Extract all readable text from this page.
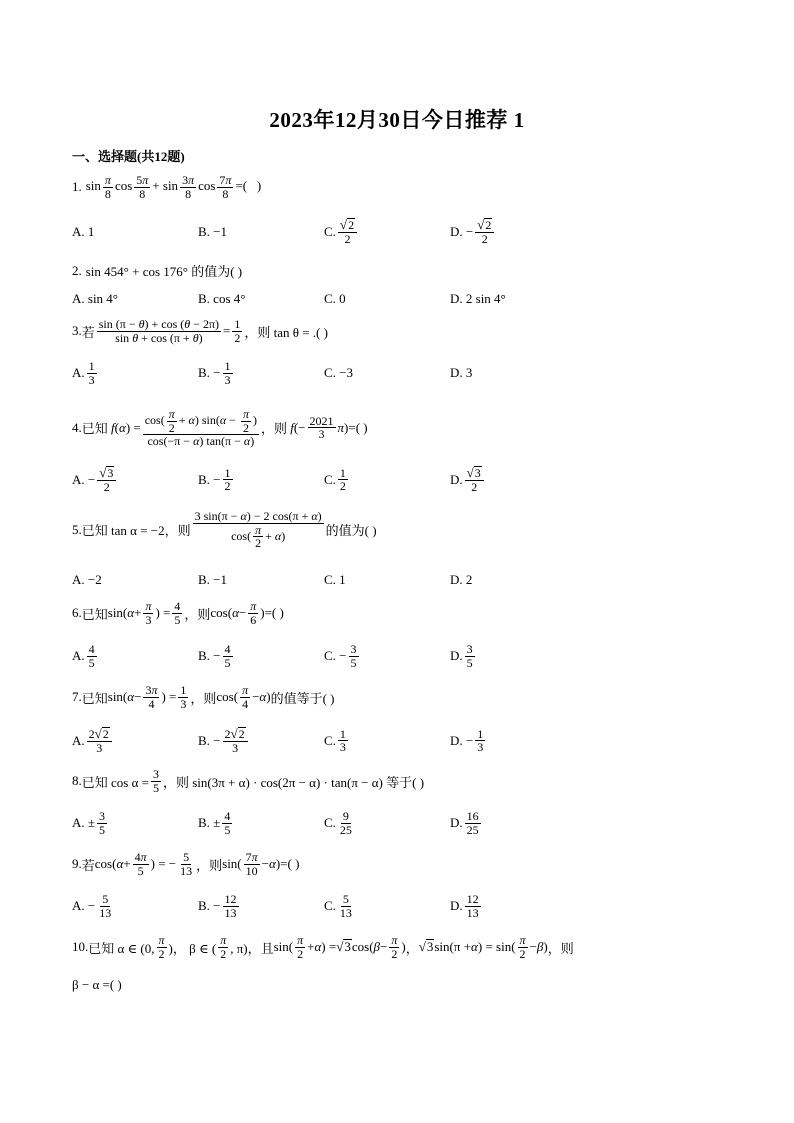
2023年12月30日今日推荐 1
一、选择题(共12题)
1. $\sin \frac{\pi}{8}$ $\cos \frac{5\pi}{8} + \sin \frac{3\pi}{8}$ $\cos \frac{7\pi}{8}$ =(   )
A. 1	B. −1	C. $\frac{√ 2}{2}$	D. − $\frac{√ 2}{2}$
2. sin 454° + cos 176° 的值为( )
A. sin 4°	B. cos 4°	C. 0	D. 2 sin 4°
3. 若 $\frac{\sin (\pi - \theta) + \cos (\theta - 2\pi)}{\text{sin θ + cos (π + θ)}} = \frac{1}{2}$ ，则 tan θ = .( )
A. $\frac{1}{3}$	B. − $\frac{1}{3}$	C. −3	D. 3
4. 已知 f ( α ) = $\frac{\cos( \frac{\pi}{2} + \alpha) \sin(\alpha - \frac{\pi}{2} )}{\cos(-\pi - \alpha) \tan(\pi - \alpha)}$ ，则
f (− $\frac{2021}{3}$ π ) =( )
A. − $\frac{√ 3}{2}$	B. − $\frac{1}{2}$	C. $\frac{1}{2}$	D. $\frac{√ 3}{2}$
5. 已知 tan α = −2，则 $\frac{3 \sin(\pi - \alpha) - 2 \cos(\pi + \alpha)}{\cos( \frac{\pi}{2} + \alpha)}$ 的值为( )
A. −2	B. −1	C. 1	D. 2
6. 已知 sin( $\alpha + \frac{\pi}{3}$ ) = $\frac{4}{5}$ ，则 cos( $\alpha - \frac{\pi}{6}$ ) =( )
A. $\frac{4}{5}$	B. − $\frac{4}{5}$	C. − $\frac{3}{5}$	D. $\frac{3}{5}$
7. 已知 sin( $\alpha - \frac{3\pi}{4}$ ) = $\frac{1}{3}$ ，则 $\cos( \frac{\pi}{4} - \alpha$ ) 的值等于( )
A. $\frac{2 √ 2}{3}$	B. − $\frac{2 √ 2}{3}$	C. $\frac{1}{3}$	D. − $\frac{1}{3}$
8. 已知 $\cos \alpha = \frac{3}{5}$ ，则 sin(3π + α) · cos(2π − α) · tan(π − α) 等于( )
A. ± $\frac{3}{5}$	B. ± $\frac{4}{5}$	C. $\frac{9}{25}$	D. $\frac{16}{25}$
9. 若 cos( $\alpha + \frac{4\pi}{5}$ ) = − $\frac{5}{13}$ ，则 $\sin( \frac{7\pi}{10} - \alpha$ ) =( )
A. − $\frac{5}{13}$	B. − $\frac{12}{13}$	C. $\frac{5}{13}$	D. $\frac{12}{13}$
10. 已知 α ∈ (0, $\frac{\pi}{2}$ )， β ∈ ( $\frac{\pi}{2}$ , π)，且 $\sin( \frac{\pi}{2} + \alpha$ ) = √ 3 cos( $\beta - \frac{\pi}{2}$ ) ， √ 3 sin(π + α ) = $\sin( \frac{\pi}{2} - \beta$ ) ，则
β − α =( )
